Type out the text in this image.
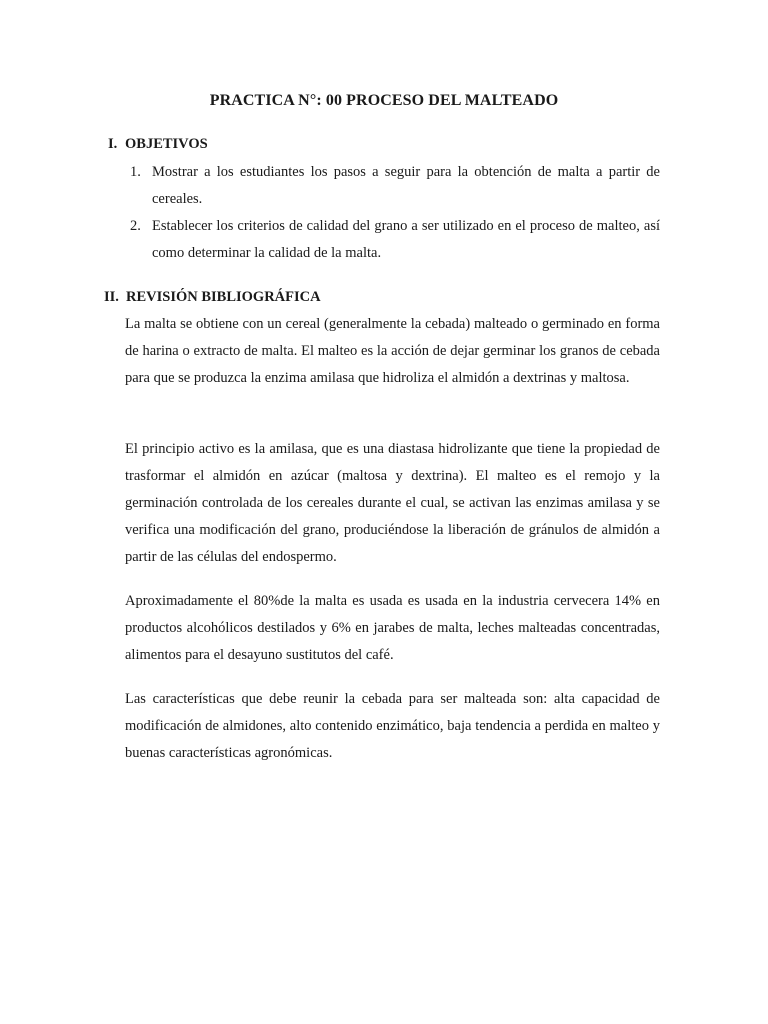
PRACTICA N°: 00 PROCESO DEL MALTEADO
I. OBJETIVOS
1. Mostrar a los estudiantes los pasos a seguir para la obtención de malta a partir de cereales.
2. Establecer los criterios de calidad del grano a ser utilizado en el proceso de malteo, así como determinar la calidad de la malta.
II. REVISIÓN BIBLIOGRÁFICA

La malta se obtiene con un cereal (generalmente la cebada) malteado o germinado en forma de harina o extracto de malta. El malteo es la acción de dejar germinar los granos de cebada para que se produzca la enzima amilasa que hidroliza el almidón a dextrinas y maltosa.

El principio activo es la amilasa, que es una diastasa hidrolizante que tiene la propiedad de trasformar el almidón en azúcar (maltosa y dextrina). El malteo es el remojo y la germinación controlada de los cereales durante el cual, se activan las enzimas amilasa y se verifica una modificación del grano, produciéndose la liberación de gránulos de almidón a partir de las células del endospermo.

Aproximadamente el 80%de la malta es usada es usada en la industria cervecera 14% en productos alcohólicos destilados y 6% en jarabes de malta, leches malteadas concentradas, alimentos para el desayuno sustitutos del café.

Las características que debe reunir la cebada para ser malteada son: alta capacidad de modificación de almidones, alto contenido enzimático, baja tendencia a perdida en malteo y buenas características agronómicas.
